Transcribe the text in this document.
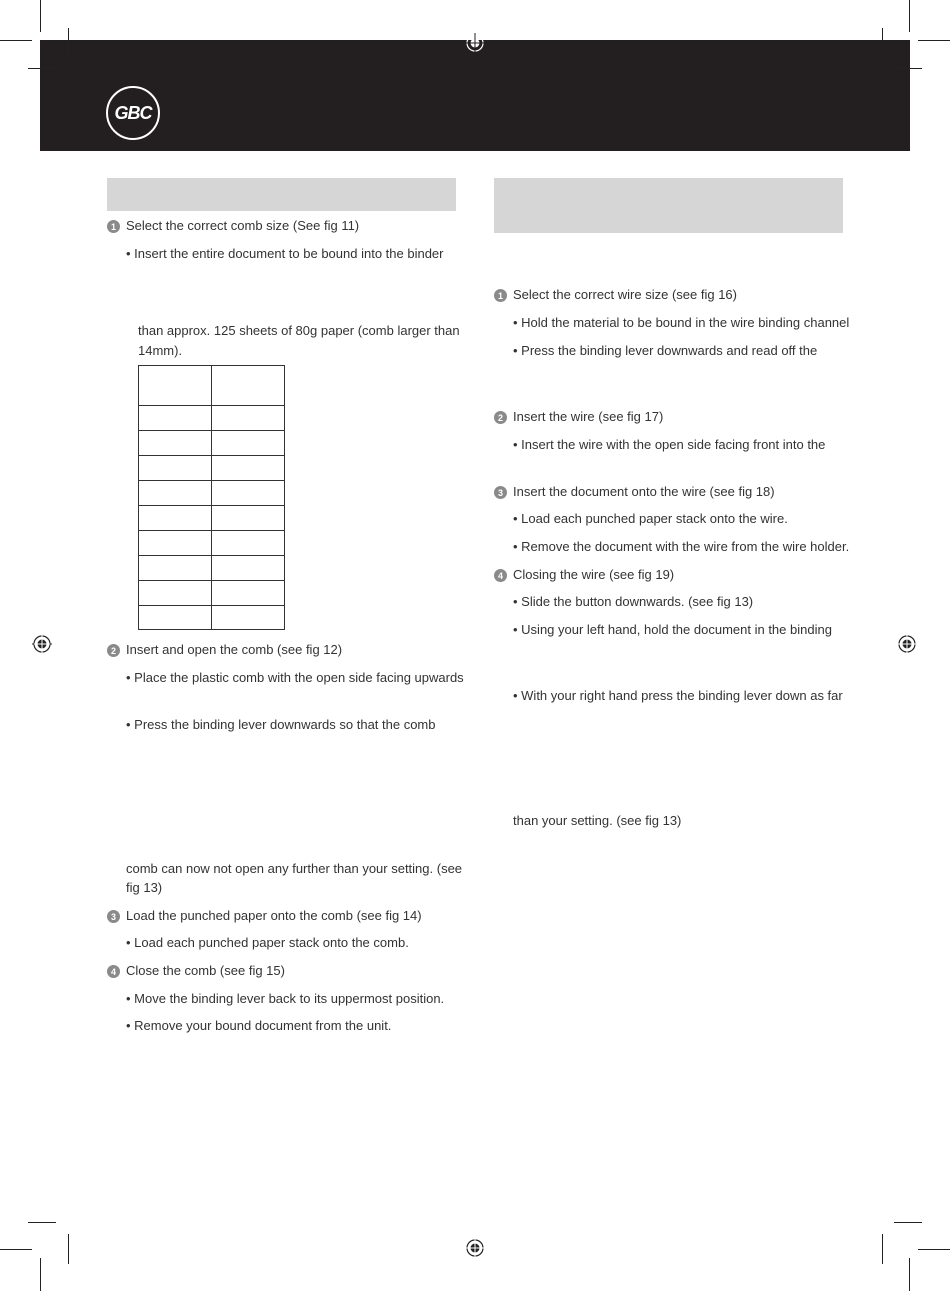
GBC
1 Select the correct comb size (See fig 11)
• Insert the entire document to be bound into the binder
than approx. 125 sheets of 80g paper (comb larger than
14mm).

2 Insert and open the comb (see fig 12)
• Place the plastic comb with the open side facing upwards
• Press the binding lever downwards so that the comb
comb can now not open any further than your setting. (see
fig 13)
3 Load the punched paper onto the comb (see fig 14)
• Load each punched paper stack onto the comb.
4 Close the comb (see fig 15)
• Move the binding lever back to its uppermost position.
• Remove your bound document from the unit.
1 Select the correct wire size (see fig 16)
• Hold the material to be bound in the wire binding channel
• Press the binding lever downwards and read off the
2 Insert the wire (see fig 17)
• Insert the wire with the open side facing front into the
3 Insert the document onto the wire (see fig 18)
• Load each punched paper stack onto the wire.
• Remove the document with the wire from the wire holder.
4 Closing the wire (see fig 19)
• Slide the button downwards. (see fig 13)
• Using your left hand, hold the document in the binding
• With your right hand press the binding lever down as far
than your setting. (see fig 13)
